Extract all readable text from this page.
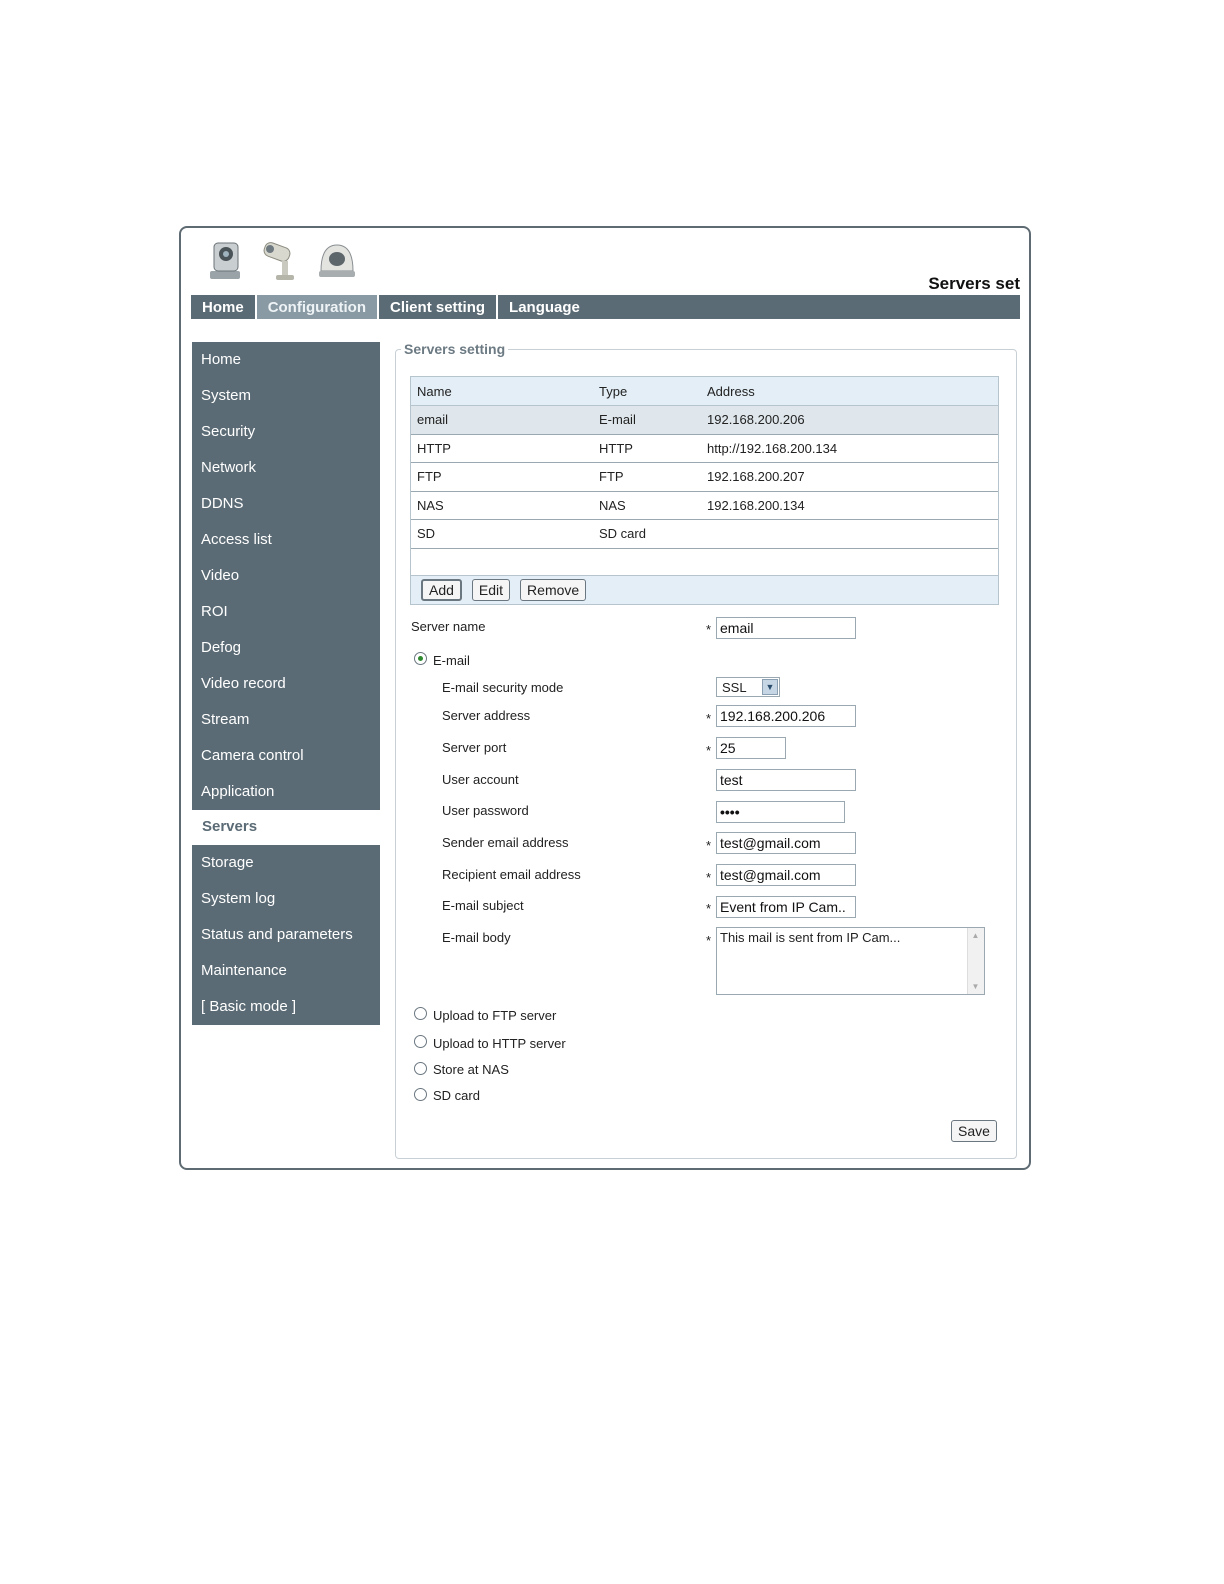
Servers set
Home	Configuration	Client setting	Language
Home
System
Security
Network
DDNS
Access list
Video
ROI
Defog
Video record
Stream
Camera control
Application
Servers
Storage
System log
Status and parameters
Maintenance
[ Basic mode ]
Servers setting
Name	Type	Address
email	E-mail	192.168.200.206
HTTP	HTTP	http://192.168.200.134
FTP	FTP	192.168.200.207
NAS	NAS	192.168.200.134
SD	SD card
Add	Edit	Remove
Server name	* email
E-mail
E-mail security mode	SSL	▼
Server address	* 192.168.200.206
Server port	* 25
User account	test
User password	••••
Sender email address	* test@gmail.com
Recipient email address	* test@gmail.com
E-mail subject	* Event from IP Cam..
E-mail body	* This mail is sent from IP Cam...	▲
▼
Upload to FTP server
Upload to HTTP server
Store at NAS
SD card
Save
